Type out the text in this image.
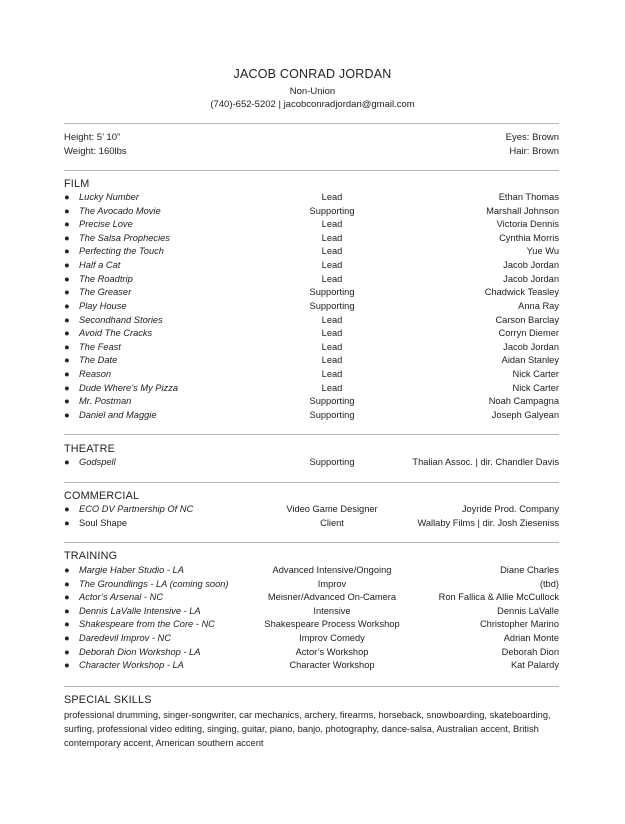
JACOB CONRAD JORDAN
Non-Union
(740)-652-5202 | jacobconradjordan@gmail.com
Height: 5’ 10”
Weight: 160lbs
Eyes: Brown
Hair: Brown
FILM
● Lucky Number	Lead	Ethan Thomas
● The Avocado Movie	Supporting	Marshall Johnson
● Precise Love	Lead	Victoria Dennis
● The Salsa Prophecies	Lead	Cynthia Morris
● Perfecting the Touch	Lead	Yue Wu
● Half a Cat	Lead	Jacob Jordan
● The Roadtrip	Lead	Jacob Jordan
● The Greaser	Supporting	Chadwick Teasley
● Play House	Supporting	Anna Ray
● Secondhand Stories	Lead	Carson Barclay
● Avoid The Cracks	Lead	Corryn Diemer
● The Feast	Lead	Jacob Jordan
● The Date	Lead	Aidan Stanley
● Reason	Lead	Nick Carter
● Dude Where’s My Pizza	Lead	Nick Carter
● Mr. Postman	Supporting	Noah Campagna
● Daniel and Maggie	Supporting	Joseph Galyean
THEATRE
● Godspell	Supporting	Thalian Assoc. | dir. Chandler Davis
COMMERCIAL
● ECO DV Partnership Of NC	Video Game Designer	Joyride Prod. Company
● Soul Shape	Client	Wallaby Films | dir. Josh Zieseniss
TRAINING
● Margie Haber Studio - LA	Advanced Intensive/Ongoing	Diane Charles
● The Groundlings - LA (coming soon)	Improv	(tbd)
● Actor’s Arsenal - NC	Meisner/Advanced On-Camera	Ron Fallica & Allie McCullock
● Dennis LaValle Intensive - LA	Intensive	Dennis LaValle
● Shakespeare from the Core - NC	Shakespeare Process Workshop	Christopher Marino
● Daredevil Improv - NC	Improv Comedy	Adrian Monte
● Deborah Dion Workshop - LA	Actor’s Workshop	Deborah Dion
● Character Workshop - LA	Character Workshop	Kat Palardy
SPECIAL SKILLS
professional drumming, singer-songwriter, car mechanics, archery, firearms, horseback, snowboarding, skateboarding, surfing, professional video editing, singing, guitar, piano, banjo, photography, dance-salsa, Australian accent, British contemporary accent, American southern accent
